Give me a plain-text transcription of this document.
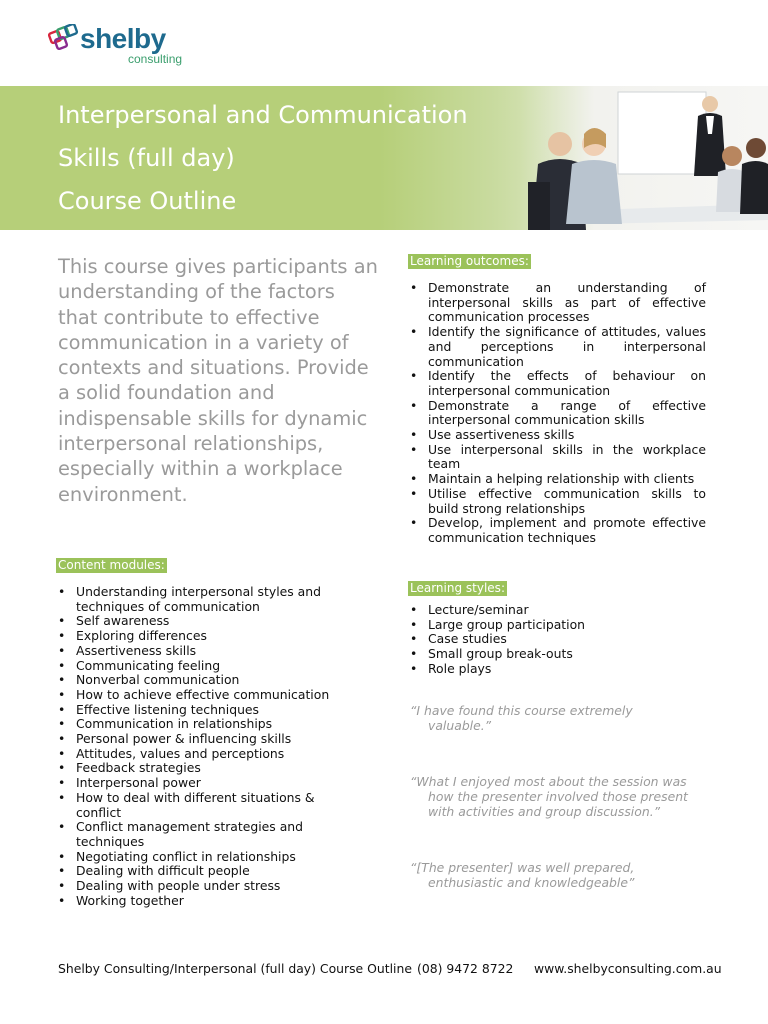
shelby
consulting
Interpersonal and Communication
Skills (full day)
Course Outline
This course gives participants an understanding of the factors that contribute to effective communication in a variety of contexts and situations. Provide a solid foundation and indispensable skills for dynamic interpersonal relationships, especially within a workplace environment.
Content modules:
• Understanding interpersonal styles and techniques of communication
• Self awareness
• Exploring differences
• Assertiveness skills
• Communicating feeling
• Nonverbal communication
• How to achieve effective communication
• Effective listening techniques
• Communication in relationships
• Personal power & influencing skills
• Attitudes, values and perceptions
• Feedback strategies
• Interpersonal power
• How to deal with different situations & conflict
• Conflict management strategies and techniques
• Negotiating conflict in relationships
• Dealing with difficult people
• Dealing with people under stress
• Working together
Learning outcomes:
• Demonstrate an understanding of interpersonal skills as part of effective communication processes
• Identify the significance of attitudes, values and perceptions in interpersonal communication
• Identify the effects of behaviour on interpersonal communication
• Demonstrate a range of effective interpersonal communication skills
• Use assertiveness skills
• Use interpersonal skills in the workplace team
• Maintain a helping relationship with clients
• Utilise effective communication skills to build strong relationships
• Develop, implement and promote effective communication techniques
Learning styles:
• Lecture/seminar
• Large group participation
• Case studies
• Small group break-outs
• Role plays
“I have found this course extremely
valuable.”
“What I enjoyed most about the session was
how the presenter involved those present
with activities and group discussion.”
“[The presenter] was well prepared,
enthusiastic and knowledgeable”
Shelby Consulting/Interpersonal (full day) Course Outline (08) 9472 8722 www.shelbyconsulting.com.au
